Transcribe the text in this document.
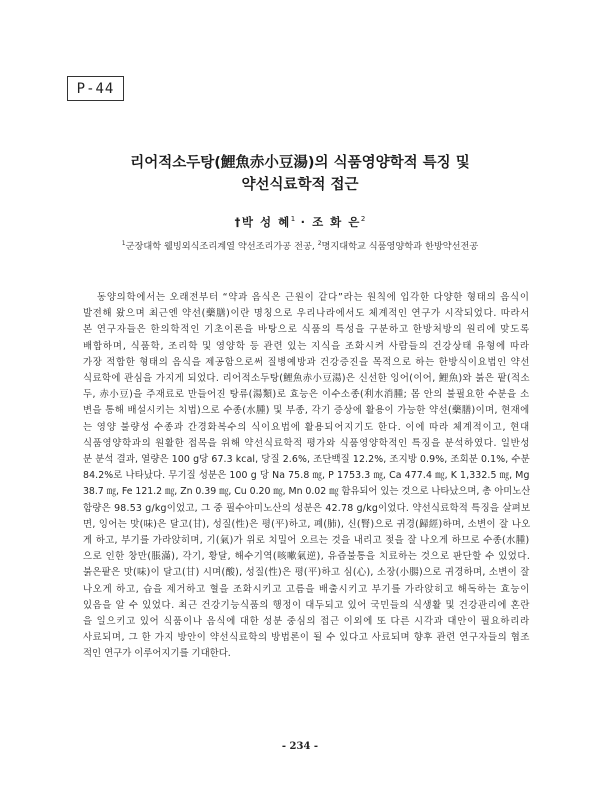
P-44
리어적소두탕(鯉魚赤小豆湯)의 식품영양학적 특징 및
약선식료학적 접근
†박 성 혜$^1$ · 조 화 은$^2$
$^1$군장대학 웰빙외식조리계열 약선조리가공 전공, $^2$명지대학교 식품영양학과 한방약선전공
동양의학에서는 오래전부터 “약과 음식은 근원이 같다”라는 원칙에 입각한 다양한 형태의 음식이
발전해 왔으며 최근엔 약선(藥膳)이란 명칭으로 우리나라에서도 체계적인 연구가 시작되었다. 따라서
본 연구자들은 한의학적인 기초이론을 바탕으로 식품의 특성을 구분하고 한방처방의 원리에 맞도록
배합하며, 식품학, 조리학 및 영양학 등 관련 있는 지식을 조화시켜 사람들의 건강상태 유형에 따라
가장 적합한 형태의 음식을 제공함으로써 질병예방과 건강증진을 목적으로 하는 한방식이요법인 약선
식료학에 관심을 가지게 되었다. 리어적소두탕(鯉魚赤小豆湯)은 신선한 잉어(이어, 鯉魚)와 붉은 팥(적소
두, 赤小豆)을 주재료로 만들어진 탕류(湯類)로 효능은 이수소종(利水消腫; 몸 안의 불필요한 수분을 소
변을 통해 배설시키는 치법)으로 수종(水腫) 및 부종, 각기 증상에 활용이 가능한 약선(藥膳)이며, 현재에
는 영양 불량성 수종과 간경화복수의 식이요법에 활용되어지기도 한다. 이에 따라 체계적이고, 현대
식품영양학과의 원활한 접목을 위해 약선식료학적 평가와 식품영양학적인 특징을 분석하였다. 일반성
분 분석 결과, 열량은 100 g당 67.3 kcal, 당질 2.6%, 조단백질 12.2%, 조지방 0.9%, 조회분 0.1%, 수분
84.2%로 나타났다. 무기질 성분은 100 g 당 Na 75.8 ㎎, P 1753.3 ㎎, Ca 477.4 ㎎, K 1,332.5 ㎎, Mg
38.7 ㎎, Fe 121.2 ㎎, Zn 0.39 ㎎, Cu 0.20 ㎎, Mn 0.02 ㎎ 함유되어 있는 것으로 나타났으며, 총 아미노산
함량은 98.53 g/kg이었고, 그 중 필수아미노산의 성분은 42.78 g/kg이었다. 약선식료학적 특징을 살펴보
면, 잉어는 맛(味)은 달고(甘), 성질(性)은 평(平)하고, 폐(肺), 신(腎)으로 귀경(歸經)하며, 소변이 잘 나오
게 하고, 부기를 가라앉히며, 기(氣)가 위로 치밀어 오르는 것을 내리고 젖을 잘 나오게 하므로 수종(水腫)
으로 인한 창만(脹滿), 각기, 황달, 해수기역(咳嗽氣逆), 유즙불통을 치료하는 것으로 판단할 수 있었다.
붉은팥은 맛(味)이 달고(甘) 시며(酸), 성질(性)은 평(平)하고 심(心), 소장(小腸)으로 귀경하며, 소변이 잘
나오게 하고, 습을 제거하고 혈을 조화시키고 고름을 배출시키고 부기를 가라앉히고 해독하는 효능이
있음을 알 수 있었다. 최근 건강기능식품의 행정이 대두되고 있어 국민들의 식생활 및 건강관리에 혼란
을 일으키고 있어 식품이나 음식에 대한 성분 중심의 접근 이외에 또 다른 시각과 대안이 필요하리라
사료되며, 그 한 가지 방안이 약선식료학의 방법론이 될 수 있다고 사료되며 향후 관련 연구자들의 협조
적인 연구가 이루어지기를 기대한다.
- 234 -
